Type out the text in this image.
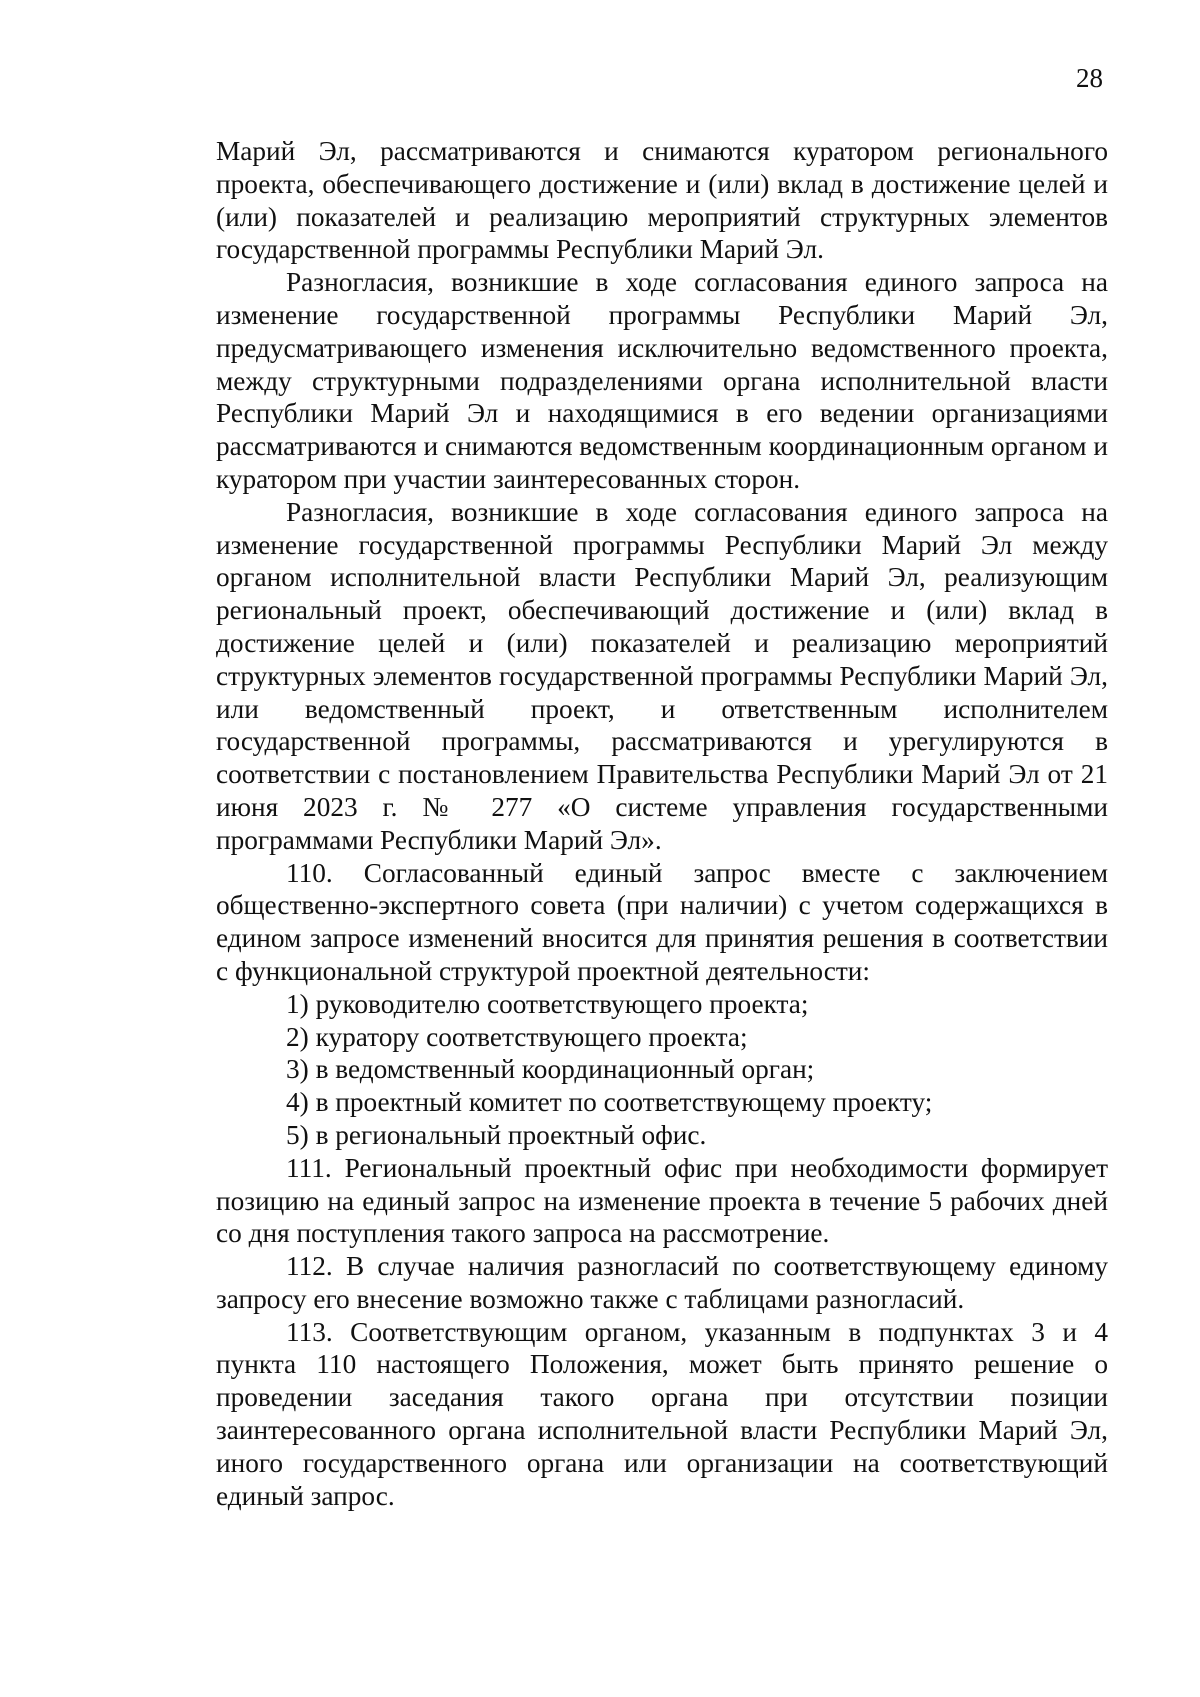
28

Марий Эл, рассматриваются и снимаются куратором регионального проекта, обеспечивающего достижение и (или) вклад в достижение целей и (или) показателей и реализацию мероприятий структурных элементов государственной программы Республики Марий Эл.

Разногласия, возникшие в ходе согласования единого запроса на изменение государственной программы Республики Марий Эл, предусматривающего изменения исключительно ведомственного проекта, между структурными подразделениями органа исполнительной власти Республики Марий Эл и находящимися в его ведении организациями рассматриваются и снимаются ведомственным координационным органом и куратором при участии заинтересованных сторон.

Разногласия, возникшие в ходе согласования единого запроса на изменение государственной программы Республики Марий Эл между органом исполнительной власти Республики Марий Эл, реализующим региональный проект, обеспечивающий достижение и (или) вклад в достижение целей и (или) показателей и реализацию мероприятий структурных элементов государственной программы Республики Марий Эл, или ведомственный проект, и ответственным исполнителем государственной программы, рассматриваются и урегулируются в соответствии с постановлением Правительства Республики Марий Эл от 21 июня 2023 г. № 277 «О системе управления государственными программами Республики Марий Эл».

110. Согласованный единый запрос вместе с заключением общественно-экспертного совета (при наличии) с учетом содержащихся в едином запросе изменений вносится для принятия решения в соответствии с функциональной структурой проектной деятельности:

1) руководителю соответствующего проекта;

2) куратору соответствующего проекта;

3) в ведомственный координационный орган;

4) в проектный комитет по соответствующему проекту;

5) в региональный проектный офис.

111. Региональный проектный офис при необходимости формирует позицию на единый запрос на изменение проекта в течение 5 рабочих дней со дня поступления такого запроса на рассмотрение.

112. В случае наличия разногласий по соответствующему единому запросу его внесение возможно также с таблицами разногласий.

113. Соответствующим органом, указанным в подпунктах 3 и 4 пункта 110 настоящего Положения, может быть принято решение о проведении заседания такого органа при отсутствии позиции заинтересованного органа исполнительной власти Республики Марий Эл, иного государственного органа или организации на соответствующий единый запрос.
